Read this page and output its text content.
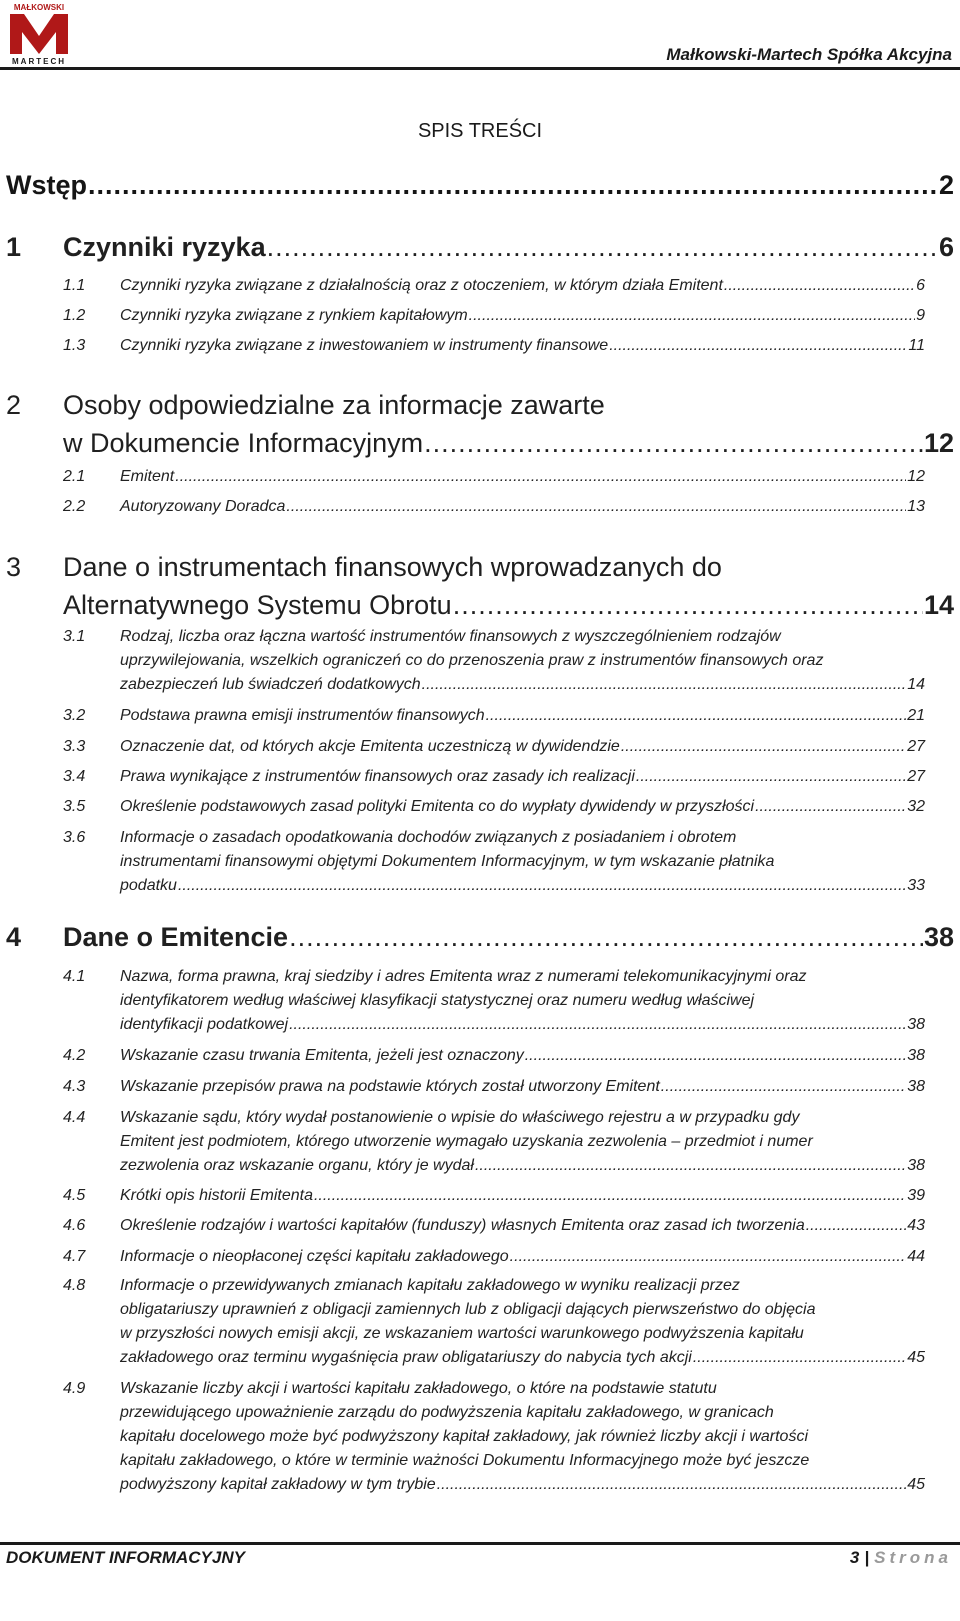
MAŁKOWSKI
MARTECH	Małkowski-Martech Spółka Akcyjna
SPIS TREŚCI
Wstęp .....	2
1 Czynniki ryzyka .....	6
1.1 Czynniki ryzyka związane z działalnością oraz z otoczeniem, w którym działa Emitent .....	6
1.2 Czynniki ryzyka związane z rynkiem kapitałowym .....	9
1.3 Czynniki ryzyka związane z inwestowaniem w instrumenty finansowe .....	11
2 Osoby odpowiedzialne za informacje zawarte
w Dokumencie Informacyjnym .....	12
2.1 Emitent .....	12
2.2 Autoryzowany Doradca .....	13
3 Dane o instrumentach finansowych wprowadzanych do
Alternatywnego Systemu Obrotu .....	14
3.1 Rodzaj, liczba oraz łączna wartość instrumentów finansowych z wyszczególnieniem rodzajów
uprzywilejowania, wszelkich ograniczeń co do przenoszenia praw z instrumentów finansowych oraz
zabezpieczeń lub świadczeń dodatkowych .....	14
3.2 Podstawa prawna emisji instrumentów finansowych .....	21
3.3 Oznaczenie dat, od których akcje Emitenta uczestniczą w dywidendzie .....	27
3.4 Prawa wynikające z instrumentów finansowych oraz zasady ich realizacji .....	27
3.5 Określenie podstawowych zasad polityki Emitenta co do wypłaty dywidendy w przyszłości .....	32
3.6 Informacje o zasadach opodatkowania dochodów związanych z posiadaniem i obrotem
instrumentami finansowymi objętymi Dokumentem Informacyjnym, w tym wskazanie płatnika
podatku .....	33
4 Dane o Emitencie .....	38
4.1 Nazwa, forma prawna, kraj siedziby i adres Emitenta wraz z numerami telekomunikacyjnymi oraz
identyfikatorem według właściwej klasyfikacji statystycznej oraz numeru według właściwej
identyfikacji podatkowej .....	38
4.2 Wskazanie czasu trwania Emitenta, jeżeli jest oznaczony .....	38
4.3 Wskazanie przepisów prawa na podstawie których został utworzony Emitent .....	38
4.4 Wskazanie sądu, który wydał postanowienie o wpisie do właściwego rejestru a w przypadku gdy
Emitent jest podmiotem, którego utworzenie wymagało uzyskania zezwolenia – przedmiot i numer
zezwolenia oraz wskazanie organu, który je wydał .....	38
4.5 Krótki opis historii Emitenta .....	39
4.6 Określenie rodzajów i wartości kapitałów (funduszy) własnych Emitenta oraz zasad ich tworzenia .....	43
4.7 Informacje o nieopłaconej części kapitału zakładowego .....	44
4.8 Informacje o przewidywanych zmianach kapitału zakładowego w wyniku realizacji przez
obligatariuszy uprawnień z obligacji zamiennych lub z obligacji dających pierwszeństwo do objęcia
w przyszłości nowych emisji akcji, ze wskazaniem wartości warunkowego podwyższenia kapitału
zakładowego oraz terminu wygaśnięcia praw obligatariuszy do nabycia tych akcji .....	45
4.9 Wskazanie liczby akcji i wartości kapitału zakładowego, o które na podstawie statutu
przewidującego upoważnienie zarządu do podwyższenia kapitału zakładowego, w granicach
kapitału docelowego może być podwyższony kapitał zakładowy, jak również liczby akcji i wartości
kapitału zakładowego, o które w terminie ważności Dokumentu Informacyjnego może być jeszcze
podwyższony kapitał zakładowy w tym trybie .....	45
DOKUMENT INFORMACYJNY	3 | Strona
